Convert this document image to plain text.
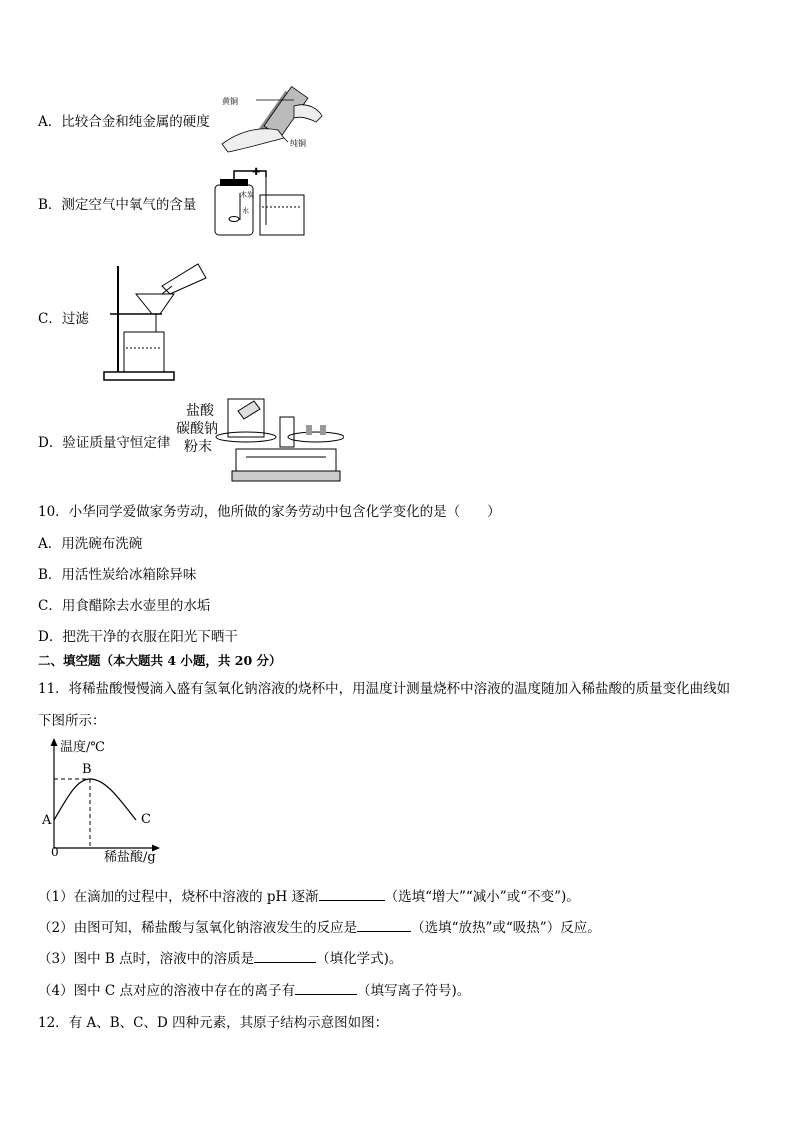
A．比较合金和纯金属的硬度
黄铜
纯铜
B．测定空气中氧气的含量
✚
木炭
水
C．过滤
D．验证质量守恒定律
盐酸
碳酸钠
粉末
10．小华同学爱做家务劳动，他所做的家务劳动中包含化学变化的是（　　）
A．用洗碗布洗碗
B．用活性炭给冰箱除异味
C．用食醋除去水壶里的水垢
D．把洗干净的衣服在阳光下晒干
二、填空题（本大题共 4 小题，共 20 分）
11．将稀盐酸慢慢滴入盛有氢氧化钠溶液的烧杯中，用温度计测量烧杯中溶液的温度随加入稀盐酸的质量变化曲线如
下图所示：
温度/℃
B
A	C
0	稀盐酸/g
（1）在滴加的过程中，烧杯中溶液的 pH 逐渐	（选填“增大”“减小”或“不变”)。
（2）由图可知，稀盐酸与氢氧化钠溶液发生的反应是	（选填“放热”或“吸热”）反应。
（3）图中 B 点时，溶液中的溶质是	（填化学式)。
（4）图中 C 点对应的溶液中存在的离子有	（填写离子符号)。
12．有 A、B、C、D 四种元素，其原子结构示意图如图：
